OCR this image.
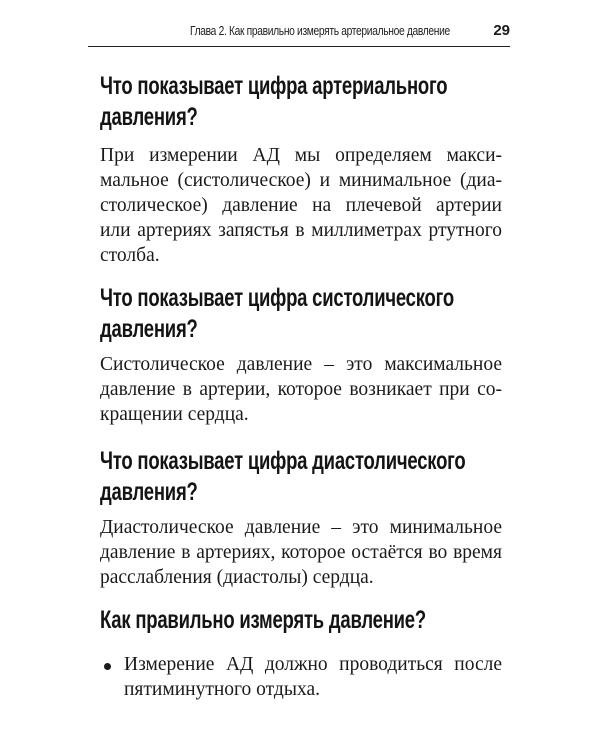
Глава 2. Как правильно измерять артериальное давление	29
Что показывает цифра артериального
давления?

При измерении АД мы определяем макси-

мальное (систолическое) и минимальное (диа-

столическое) давление на плечевой артерии

или артериях запястья в миллиметрах ртутного

столба.

Что показывает цифра систолического
давления?

Систолическое давление – это максимальное

давление в артерии, которое возникает при со-

кращении сердца.

Что показывает цифра диастолического
давления?

Диастолическое давление – это минимальное

давление в артериях, которое остаётся во время

расслабления (диастолы) сердца.

Как правильно измерять давление?

Измерение АД должно проводиться после

пятиминутного отдыха.
